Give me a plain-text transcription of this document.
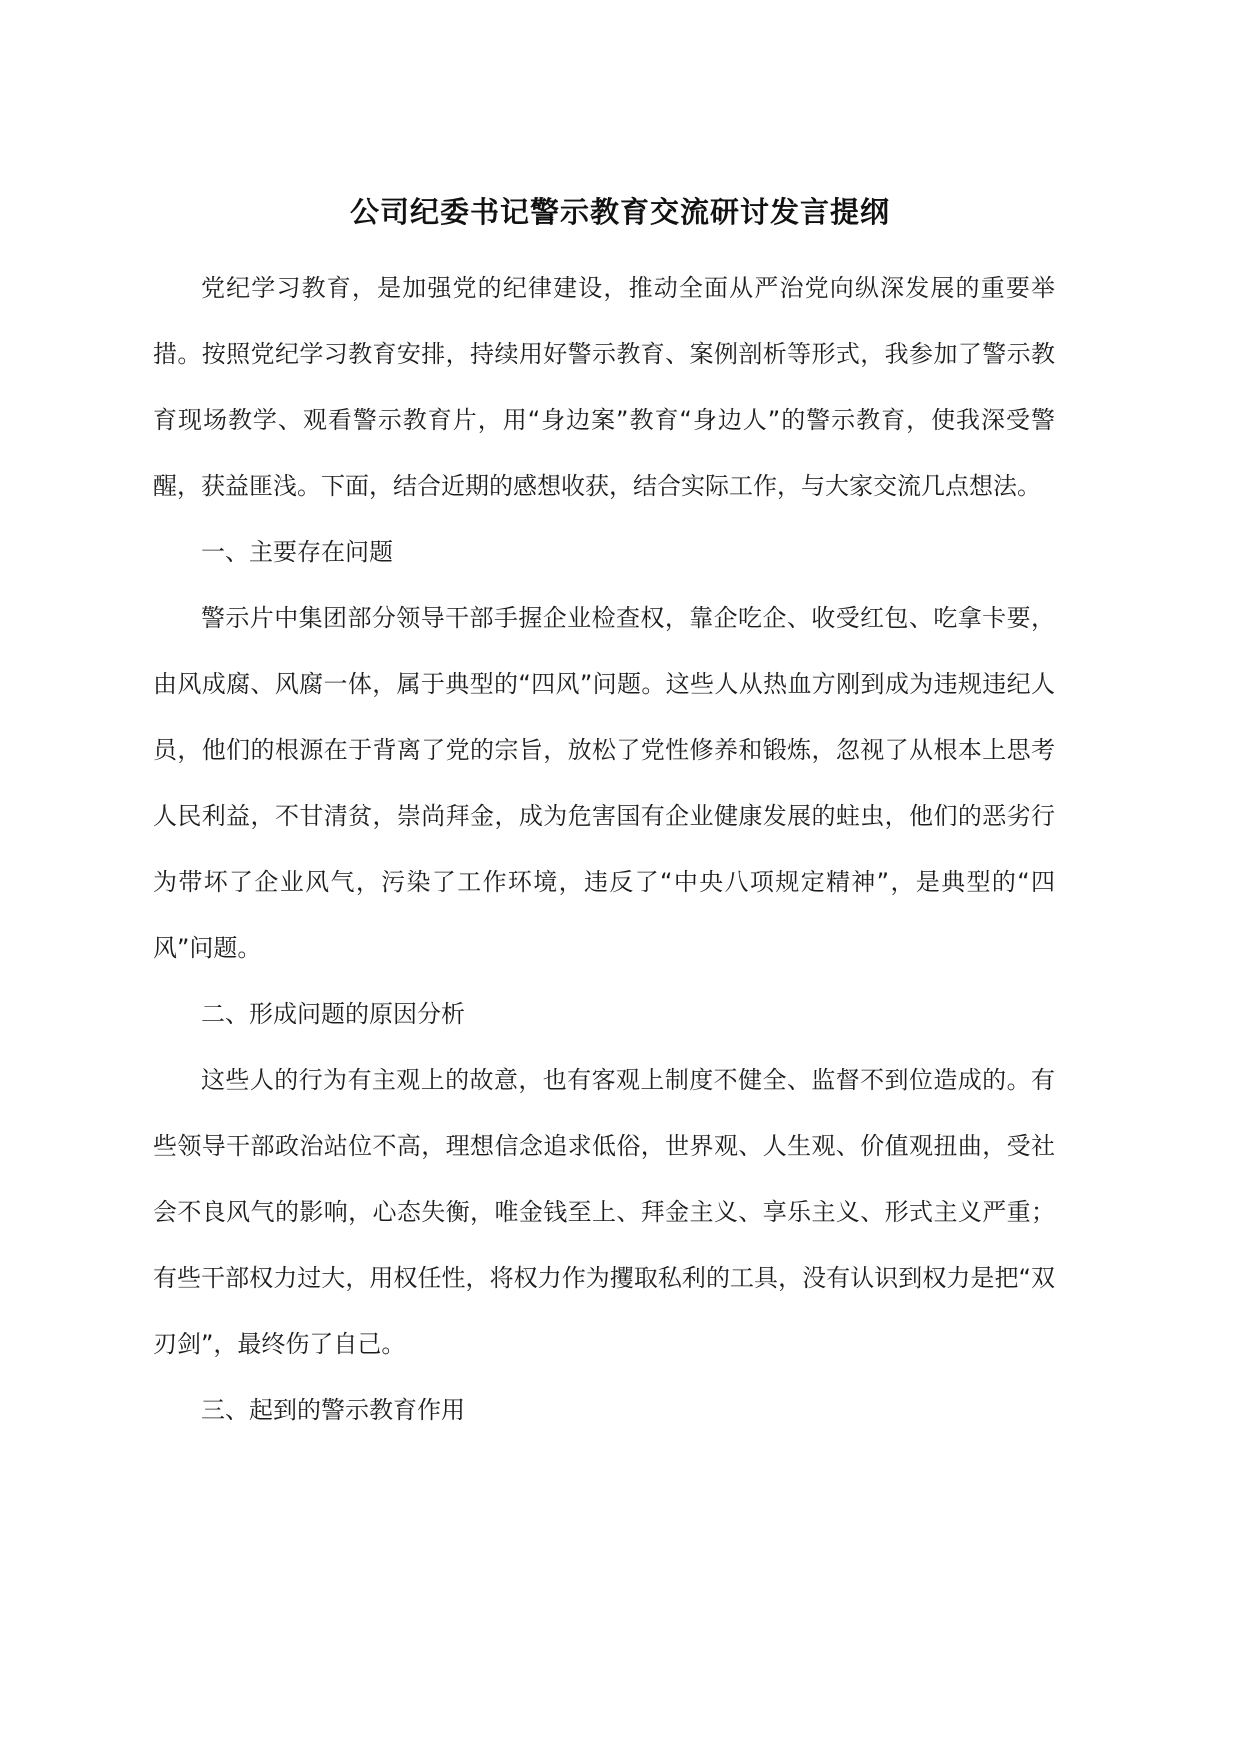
公司纪委书记警示教育交流研讨发言提纲

党纪学习教育，是加强党的纪律建设，推动全面从严治党向纵深发展的重要举措。按照党纪学习教育安排，持续用好警示教育、案例剖析等形式，我参加了警示教育现场教学、观看警示教育片，用“身边案”教育“身边人”的警示教育，使我深受警醒，获益匪浅。下面，结合近期的感想收获，结合实际工作，与大家交流几点想法。

一、主要存在问题

警示片中集团部分领导干部手握企业检查权，靠企吃企、收受红包、吃拿卡要，由风成腐、风腐一体，属于典型的“四风”问题。这些人从热血方刚到成为违规违纪人员，他们的根源在于背离了党的宗旨，放松了党性修养和锻炼，忽视了从根本上思考人民利益，不甘清贫，崇尚拜金，成为危害国有企业健康发展的蛀虫，他们的恶劣行为带坏了企业风气，污染了工作环境，违反了“中央八项规定精神”，是典型的“四风”问题。

二、形成问题的原因分析

这些人的行为有主观上的故意，也有客观上制度不健全、监督不到位造成的。有些领导干部政治站位不高，理想信念追求低俗，世界观、人生观、价值观扭曲，受社会不良风气的影响，心态失衡，唯金钱至上、拜金主义、享乐主义、形式主义严重；有些干部权力过大，用权任性，将权力作为攫取私利的工具，没有认识到权力是把“双刃剑”，最终伤了自己。

三、起到的警示教育作用
